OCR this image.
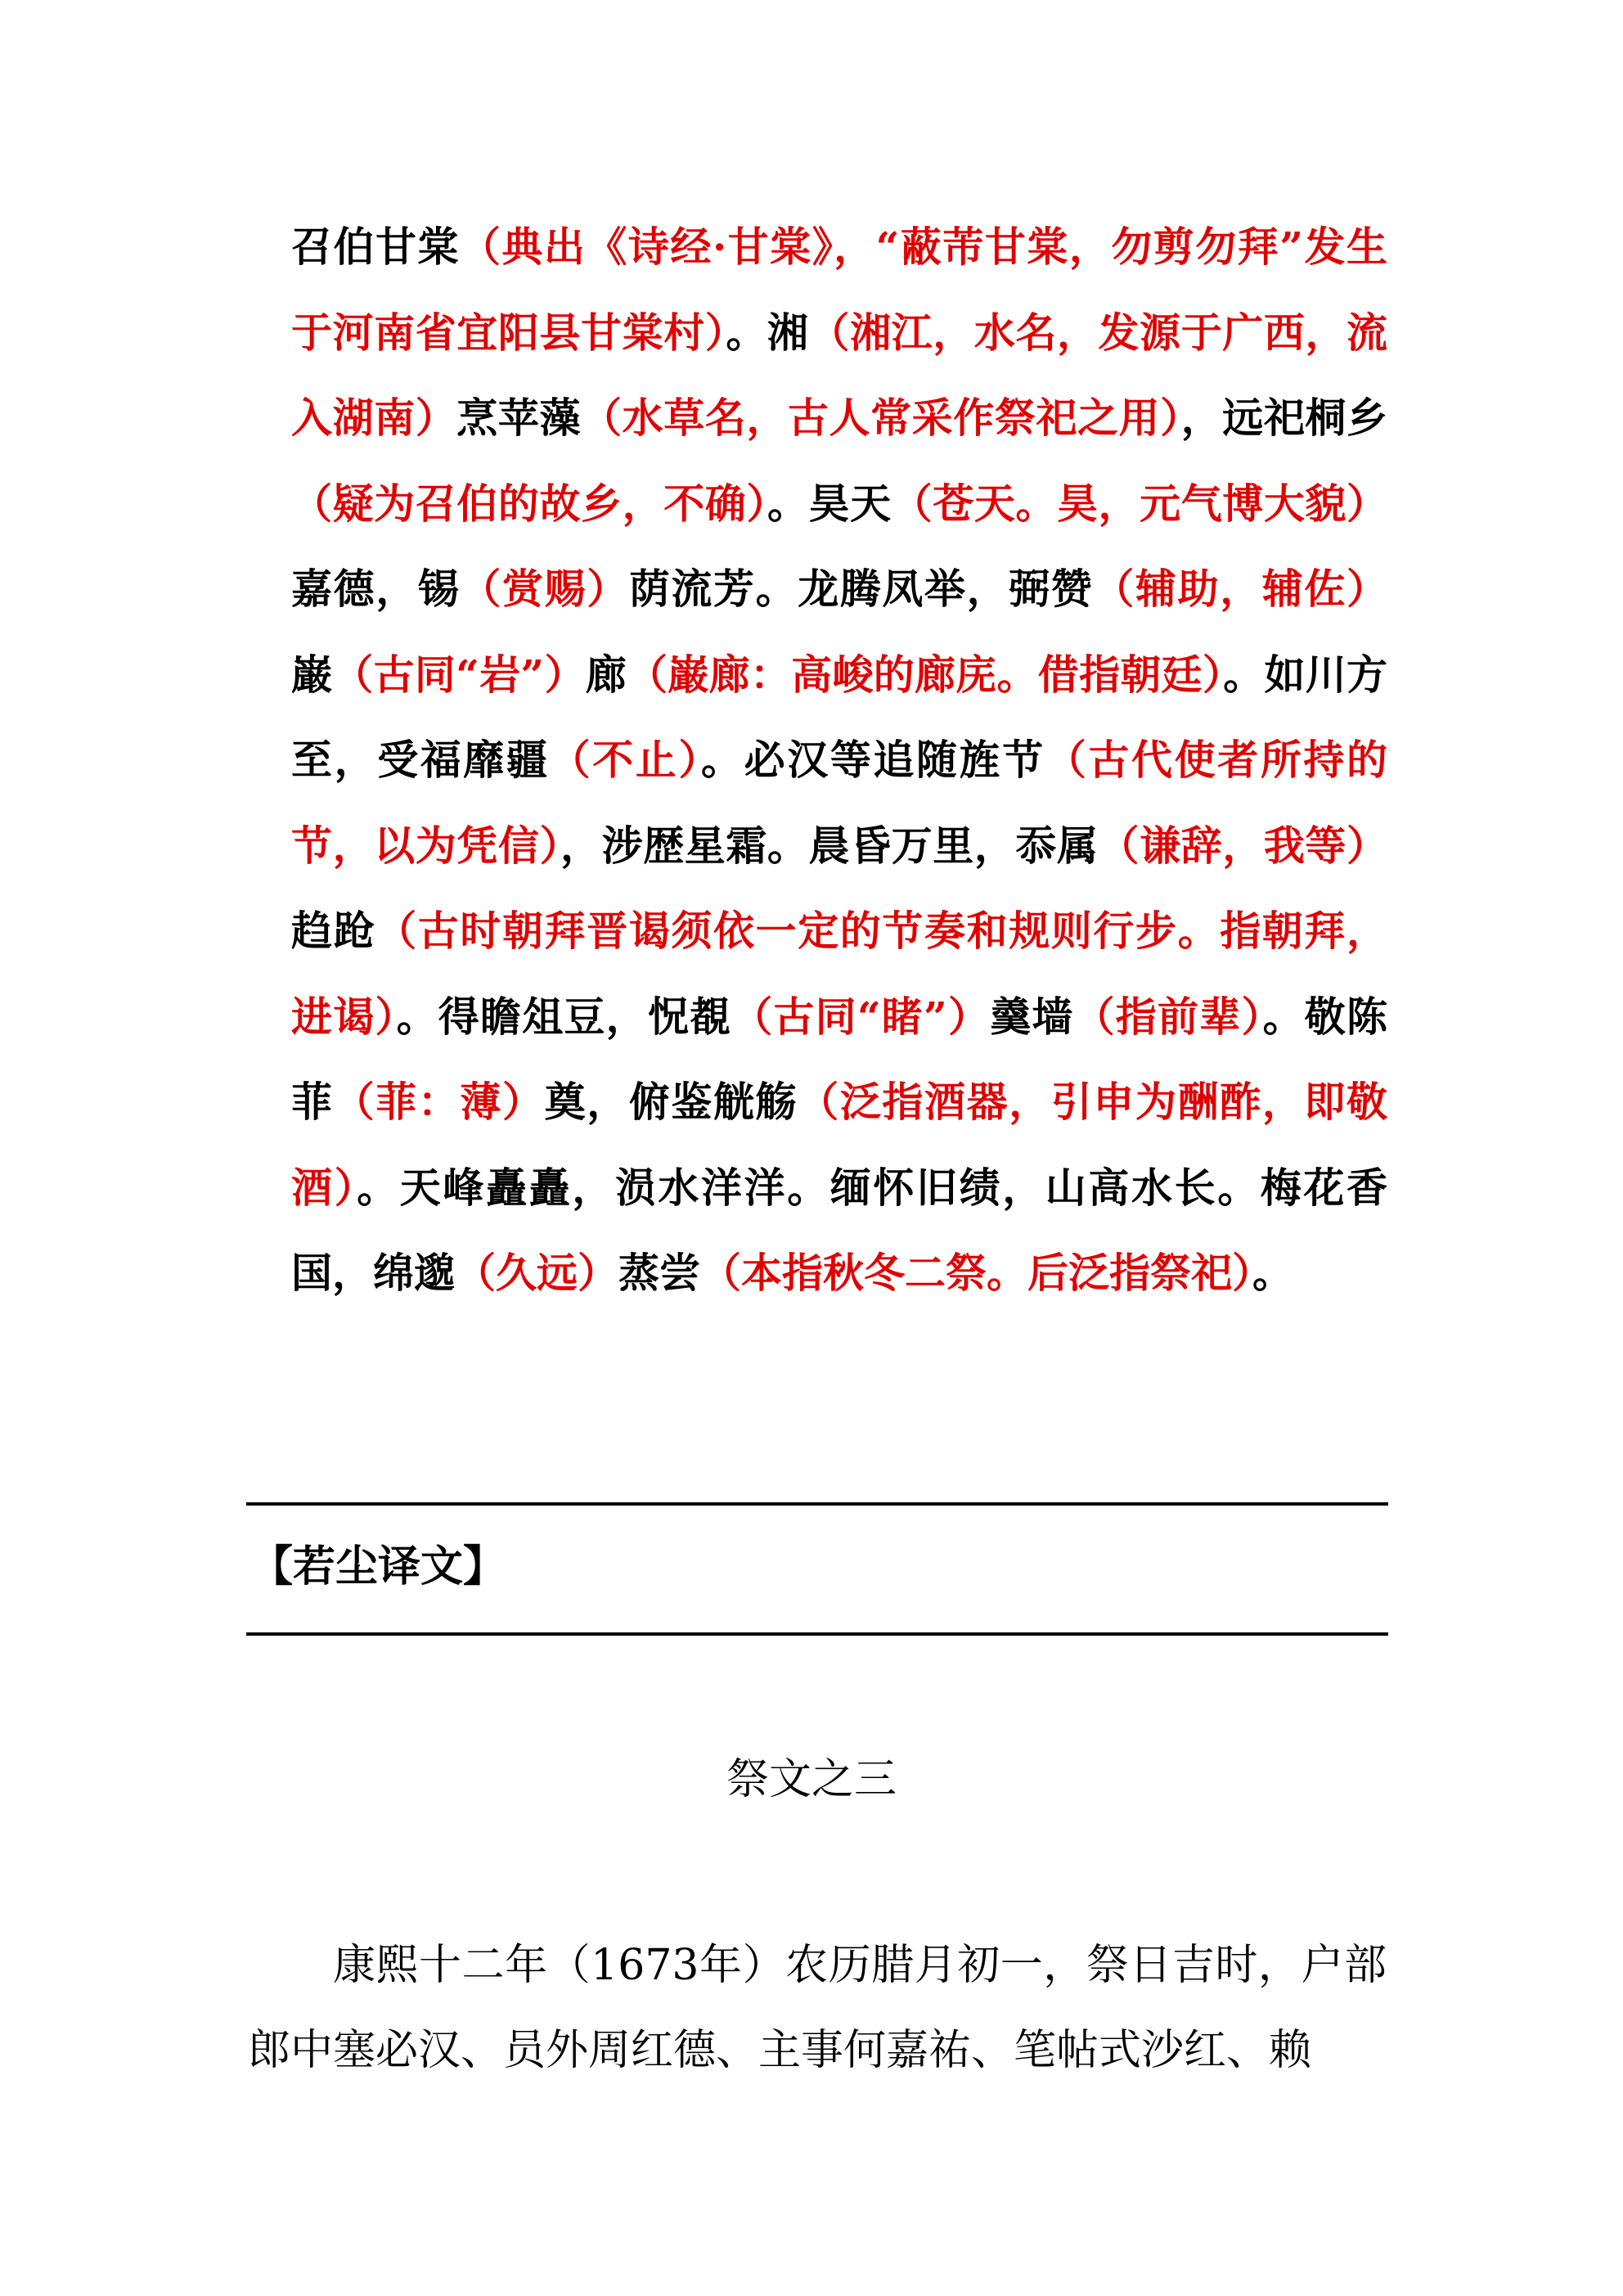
召伯甘棠（典出《诗经·甘棠》，“蔽芾甘棠，勿剪勿拜”发生于河南省宜阳县甘棠村）。湘（湘江，水名，发源于广西，流入湖南）烹苹藻（水草名，古人常采作祭祀之用），远祀桐乡（疑为召伯的故乡，不确）。昊天（苍天。昊，元气博大貌）嘉德，锡（赏赐）荫流芳。龙腾凤举，弼赞（辅助，辅佐）巌（古同“岩”）廊（巌廊：高峻的廊庑。借指朝廷）。如川方至，受福靡疆（不止）。必汉等追随旌节（古代使者所持的节，以为凭信），涉歴星霜。晨昏万里，忝属（谦辞，我等）趋跄（古时朝拜晋谒须依一定的节奏和规则行步。指朝拜，进谒）。得瞻俎豆，怳覩（古同“睹”）羹墙（指前辈）。敬陈菲（菲：薄）奠，俯鉴觥觞（泛指酒器，引申为酬酢，即敬酒）。天峰矗矗，涢水洋洋。缅怀旧绩，山高水长。梅花香国，绵邈（久远）蒸尝（本指秋冬二祭。后泛指祭祀）。
【若尘译文】
祭文之三
康熙十二年（1673年）农历腊月初一，祭日吉时，户部郎中塞必汉、员外周红德、主事何嘉祐、笔帖式沙红、赖
